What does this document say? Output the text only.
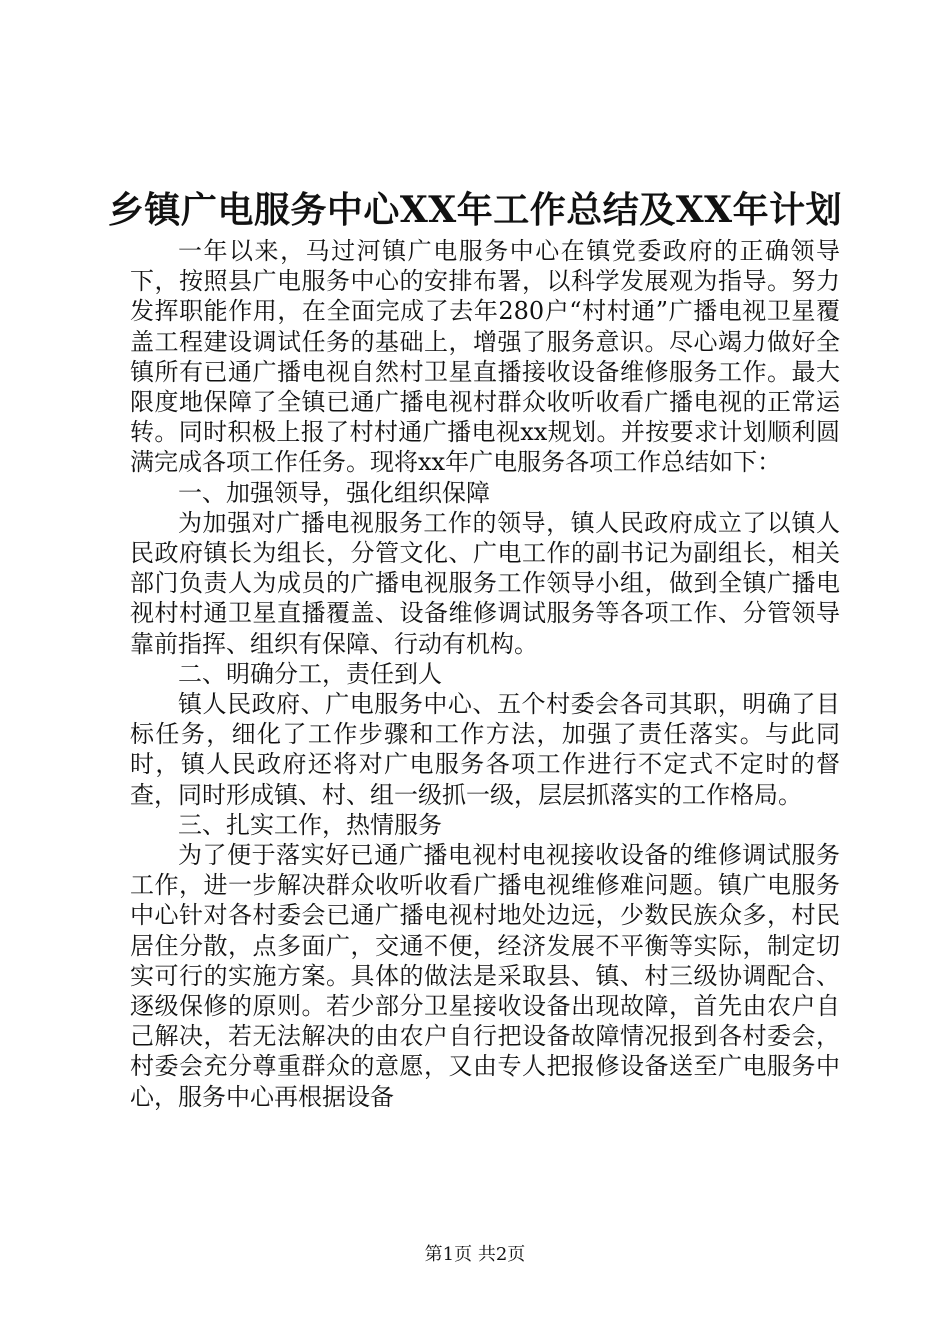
乡镇广电服务中心XX年工作总结及XX年计划

一年以来，马过河镇广电服务中心在镇党委政府的正确领导下，按照县广电服务中心的安排布署，以科学发展观为指导。努力发挥职能作用，在全面完成了去年280户“村村通”广播电视卫星覆盖工程建设调试任务的基础上，增强了服务意识。尽心竭力做好全镇所有已通广播电视自然村卫星直播接收设备维修服务工作。最大限度地保障了全镇已通广播电视村群众收听收看广播电视的正常运转。同时积极上报了村村通广播电视xx规划。并按要求计划顺利圆满完成各项工作任务。现将xx年广电服务各项工作总结如下：

一、加强领导，强化组织保障

为加强对广播电视服务工作的领导，镇人民政府成立了以镇人民政府镇长为组长，分管文化、广电工作的副书记为副组长，相关部门负责人为成员的广播电视服务工作领导小组，做到全镇广播电视村村通卫星直播覆盖、设备维修调试服务等各项工作、分管领导靠前指挥、组织有保障、行动有机构。

二、明确分工，责任到人

镇人民政府、广电服务中心、五个村委会各司其职，明确了目标任务，细化了工作步骤和工作方法，加强了责任落实。与此同时，镇人民政府还将对广电服务各项工作进行不定式不定时的督查，同时形成镇、村、组一级抓一级，层层抓落实的工作格局。

三、扎实工作，热情服务

为了便于落实好已通广播电视村电视接收设备的维修调试服务工作，进一步解决群众收听收看广播电视维修难问题。镇广电服务中心针对各村委会已通广播电视村地处边远，少数民族众多，村民居住分散，点多面广，交通不便，经济发展不平衡等实际，制定切实可行的实施方案。具体的做法是采取县、镇、村三级协调配合、逐级保修的原则。若少部分卫星接收设备出现故障，首先由农户自己解决，若无法解决的由农户自行把设备故障情况报到各村委会，村委会充分尊重群众的意愿，又由专人把报修设备送至广电服务中心，服务中心再根据设备

第1页 共2页
